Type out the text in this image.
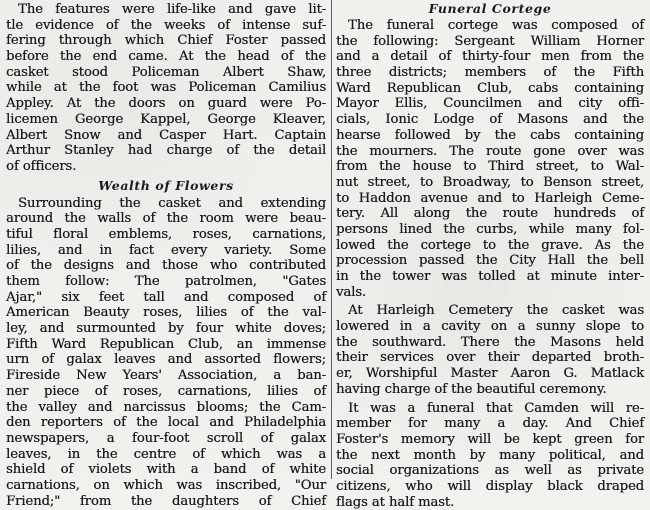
The features were life-like and gave lit-
tle evidence of the weeks of intense suf-
fering through which Chief Foster passed
before the end came. At the head of the
casket stood Policeman Albert Shaw,
while at the foot was Policeman Camilius
Appley. At the doors on guard were Po-
licemen George Kappel, George Kleaver,
Albert Snow and Casper Hart. Captain
Arthur Stanley had charge of the detail
of officers.
Wealth of Flowers
Surrounding the casket and extending
around the walls of the room were beau-
tiful floral emblems, roses, carnations,
lilies, and in fact every variety. Some
of the designs and those who contributed
them follow: The patrolmen, "Gates
Ajar," six feet tall and composed of
American Beauty roses, lilies of the val-
ley, and surmounted by four white doves;
Fifth Ward Republican Club, an immense
urn of galax leaves and assorted flowers;
Fireside New Years' Association, a ban-
ner piece of roses, carnations, lilies of
the valley and narcissus blooms; the Cam-
den reporters of the local and Philadelphia
newspapers, a four-foot scroll of galax
leaves, in the centre of which was a
shield of violets with a band of white
carnations, on which was inscribed, "Our
Friend;" from the daughters of Chief
Funeral Cortege
The funeral cortege was composed of
the following: Sergeant William Horner
and a detail of thirty-four men from the
three districts; members of the Fifth
Ward Republican Club, cabs containing
Mayor Ellis, Councilmen and city offi-
cials, Ionic Lodge of Masons and the
hearse followed by the cabs containing
the mourners. The route gone over was
from the house to Third street, to Wal-
nut street, to Broadway, to Benson street,
to Haddon avenue and to Harleigh Ceme-
tery. All along the route hundreds of
persons lined the curbs, while many fol-
lowed the cortege to the grave. As the
procession passed the City Hall the bell
in the tower was tolled at minute inter-
vals.
At Harleigh Cemetery the casket was
lowered in a cavity on a sunny slope to
the southward. There the Masons held
their services over their departed broth-
er, Worshipful Master Aaron G. Matlack
having charge of the beautiful ceremony.
It was a funeral that Camden will re-
member for many a day. And Chief
Foster's memory will be kept green for
the next month by many political, and
social organizations as well as private
citizens, who will display black draped
flags at half mast.
